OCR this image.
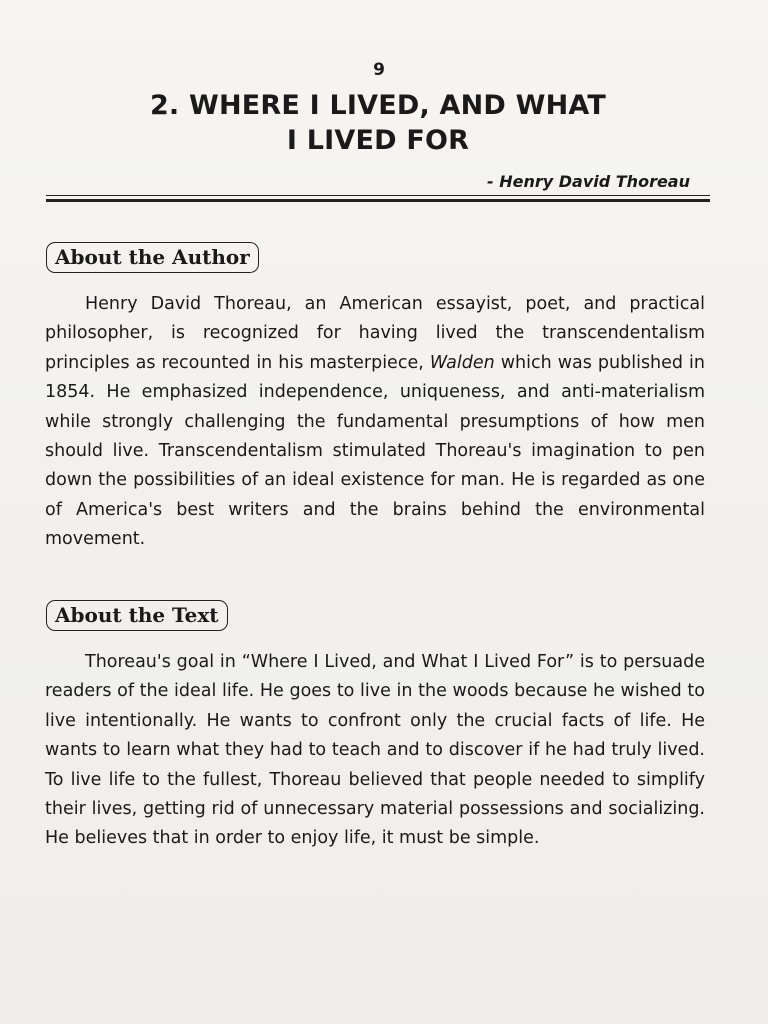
9
2. WHERE I LIVED, AND WHAT
I LIVED FOR
- Henry David Thoreau
About the Author

Henry David Thoreau, an American essayist, poet, and practical philosopher, is recognized for having lived the transcendentalism principles as recounted in his masterpiece, Walden which was published in 1854. He emphasized independence, uniqueness, and anti-materialism while strongly challenging the fundamental presumptions of how men should live. Transcendentalism stimulated Thoreau's imagination to pen down the possibilities of an ideal existence for man. He is regarded as one of America's best writers and the brains behind the environmental movement.

About the Text

Thoreau's goal in “Where I Lived, and What I Lived For” is to persuade readers of the ideal life. He goes to live in the woods because he wished to live intentionally. He wants to confront only the crucial facts of life. He wants to learn what they had to teach and to discover if he had truly lived. To live life to the fullest, Thoreau believed that people needed to simplify their lives, getting rid of unnecessary material possessions and socializing. He believes that in order to enjoy life, it must be simple.
